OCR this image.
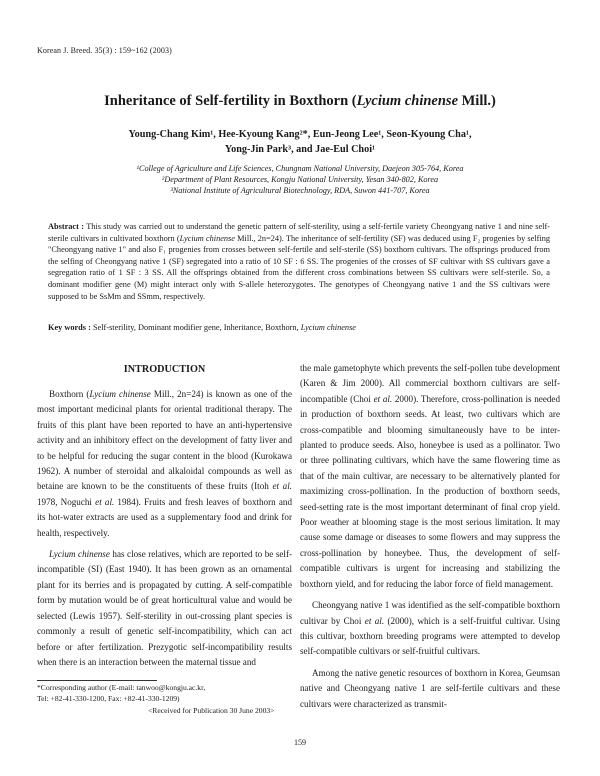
Korean J. Breed. 35(3) : 159~162 (2003)
Inheritance of Self-fertility in Boxthorn (Lycium chinense Mill.)
Young-Chang Kim¹, Hee-Kyoung Kang²*, Eun-Jeong Lee¹, Seon-Kyoung Cha¹,
Yong-Jin Park³, and Jae-Eul Choi¹
¹College of Agriculture and Life Sciences, Chungnam National University, Daejeon 305-764, Korea
²Department of Plant Resources, Kongju National University, Yesan 340-802, Korea
³National Institute of Agricultural Biotechnology, RDA, Suwon 441-707, Korea
Abstract : This study was carried out to understand the genetic pattern of self-sterility, using a self-fertile variety Cheongyang native 1 and nine self-sterile cultivars in cultivated boxthorn (Lycium chinense Mill., 2n=24). The inheritance of self-fertility (SF) was deduced using F₂ progenies by selfing "Cheongyang native 1" and also F₁ progenies from crosses between self-fertile and self-sterile (SS) boxthorn cultivars. The offsprings produced from the selfing of Cheongyang native 1 (SF) segregated into a ratio of 10 SF : 6 SS. The progenies of the crosses of SF cultivar with SS cultivars gave a segregation ratio of 1 SF : 3 SS. All the offsprings obtained from the different cross combinations between SS cultivars were self-sterile. So, a dominant modifier gene (M) might interact only with S-allele heterozygotes. The genotypes of Cheongyang native 1 and the SS cultivars were supposed to be SsMm and SSmm, respectively.
Key words : Self-sterility, Dominant modifier gene, Inheritance, Boxthorn, Lycium chinense
INTRODUCTION

Boxthorn (Lycium chinense Mill., 2n=24) is known as one of the most important medicinal plants for oriental traditional therapy. The fruits of this plant have been reported to have an anti-hypertensive activity and an inhibitory effect on the development of fatty liver and to be helpful for reducing the sugar content in the blood (Kurokawa 1962). A number of steroidal and alkaloidal compounds as well as betaine are known to be the constituents of these fruits (Itoh et al. 1978, Noguchi et al. 1984). Fruits and fresh leaves of boxthorn and its hot-water extracts are used as a supplementary food and drink for health, respectively.

Lycium chinense has close relatives, which are reported to be self-incompatible (SI) (East 1940). It has been grown as an ornamental plant for its berries and is propagated by cutting. A self-compatible form by mutation would be of great horticultural value and would be selected (Lewis 1957). Self-sterility in out-crossing plant species is commonly a result of genetic self-incompatibility, which can act before or after fertilization. Prezygotic self-incompatibility results when there is an interaction between the maternal tissue and

the male gametophyte which prevents the self-pollen tube development (Karen & Jim 2000). All commercial boxthorn cultivars are self-incompatible (Choi et al. 2000). Therefore, cross-pollination is needed in production of boxthorn seeds. At least, two cultivars which are cross-compatible and blooming simultaneously have to be inter-planted to produce seeds. Also, honeybee is used as a pollinator. Two or three pollinating cultivars, which have the same flowering time as that of the main cultivar, are necessary to be alternatively planted for maximizing cross-pollination. In the production of boxthorn seeds, seed-setting rate is the most important determinant of final crop yield. Poor weather at blooming stage is the most serious limitation. It may cause some damage or diseases to some flowers and may suppress the cross-pollination by honeybee. Thus, the development of self-compatible cultivars is urgent for increasing and stabilizing the boxthorn yield, and for reducing the labor force of field management.

Cheongyang native 1 was identified as the self-compatible boxthorn cultivar by Choi et al. (2000), which is a self-fruitful cultivar. Using this cultivar, boxthorn breeding programs were attempted to develop self-compatible cultivars or self-fruitful cultivars.

Among the native genetic resources of boxthorn in Korea, Geumsan native and Cheongyang native 1 are self-fertile cultivars and these cultivars were characterized as transmit-

*Corresponding author (E-mail: tanwoo@kongju.ac.kr,
Tel: +82-41-330-1200, Fax: +82-41-330-1209)
<Received for Publication 30 June 2003>
159
